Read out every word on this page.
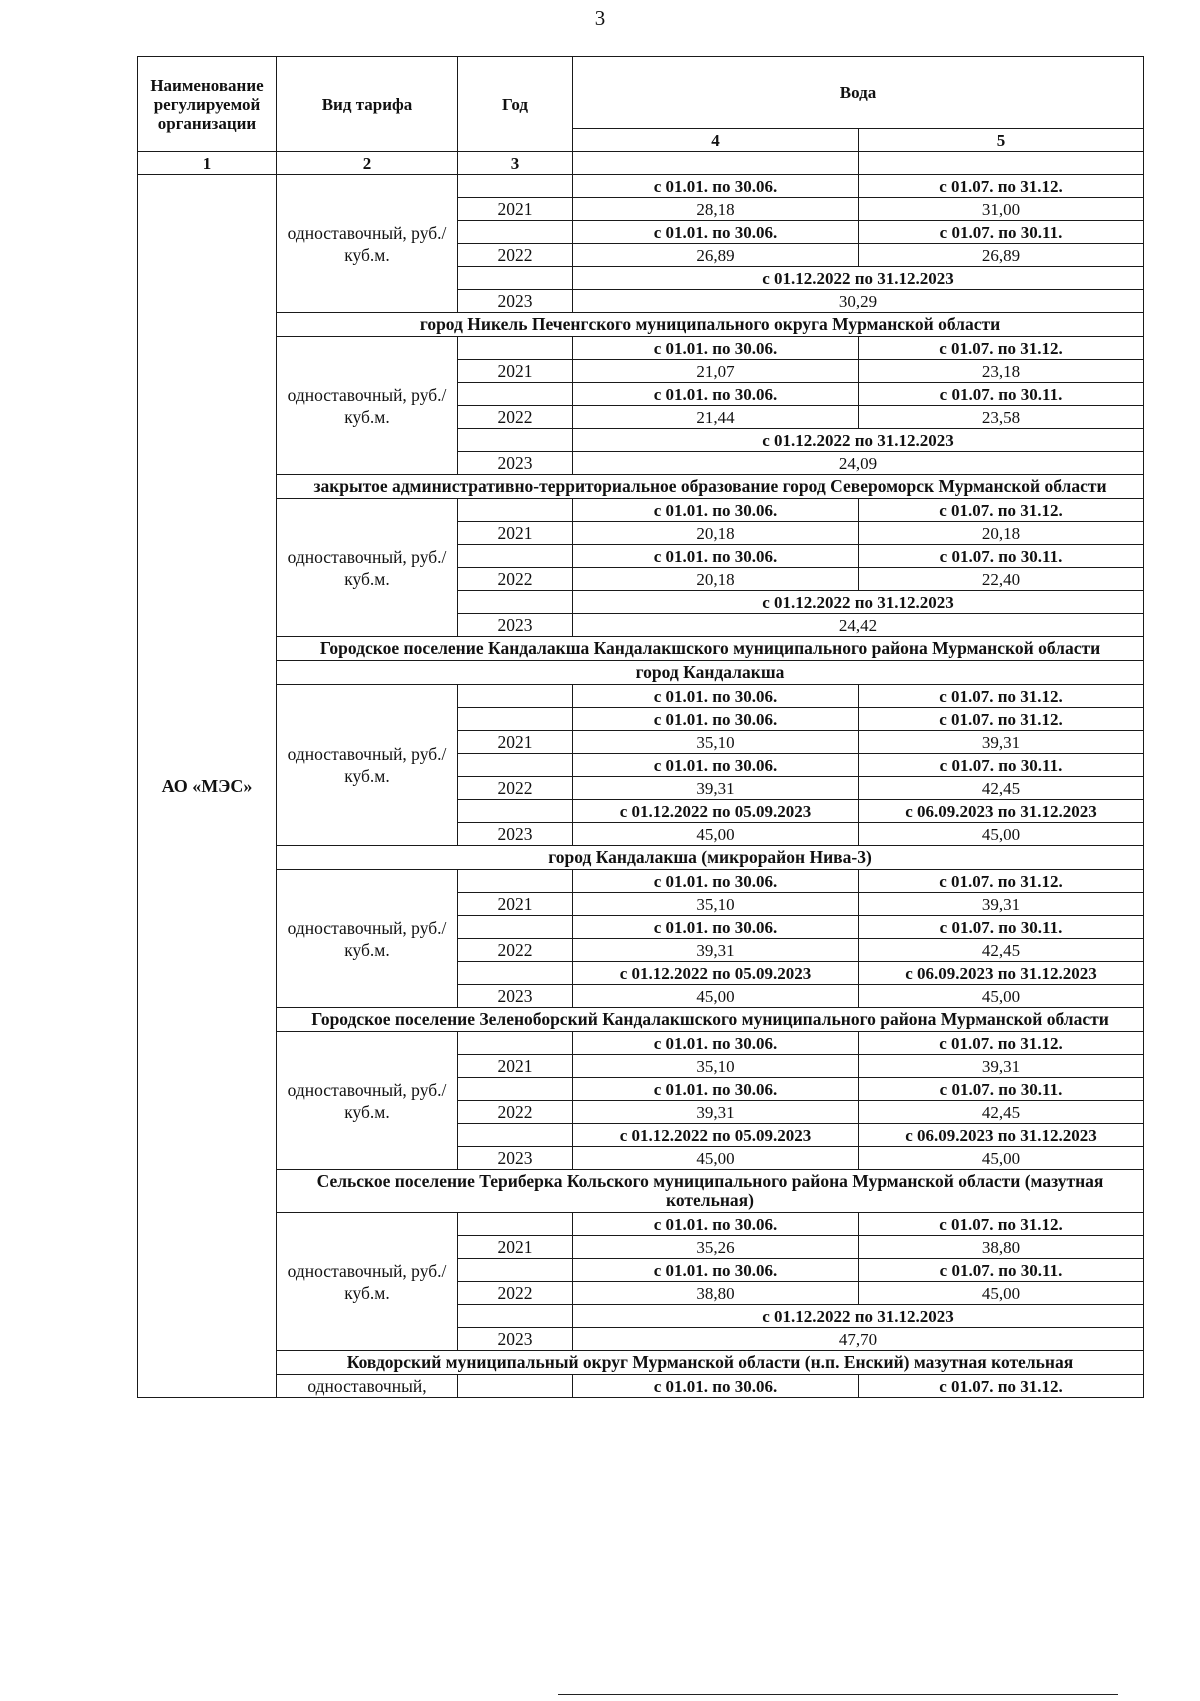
3
Наименование регулируемой организации	Вид тарифа	Год	Вода	
			4	5
1	2	3		
АО «МЭС»	одноставочный, руб./куб.м.		с 01.01. по 30.06.	с 01.07. по 31.12.
		2021	28,18	31,00
			с 01.01. по 30.06.	с 01.07. по 30.11.
		2022	26,89	26,89
			с 01.12.2022 по 31.12.2023	
		2023	30,29	
	город Никель Печенгского муниципального округа Мурманской области			
	одноставочный, руб./куб.м.		с 01.01. по 30.06.	с 01.07. по 31.12.
		2021	21,07	23,18
			с 01.01. по 30.06.	с 01.07. по 30.11.
		2022	21,44	23,58
			с 01.12.2022 по 31.12.2023	
		2023	24,09	
	закрытое административно-территориальное образование город Североморск Мурманской области			
	одноставочный, руб./куб.м.		с 01.01. по 30.06.	с 01.07. по 31.12.
		2021	20,18	20,18
			с 01.01. по 30.06.	с 01.07. по 30.11.
		2022	20,18	22,40
			с 01.12.2022 по 31.12.2023	
		2023	24,42	
	Городское поселение Кандалакша Кандалакшского муниципального района Мурманской области			
	город Кандалакша			
	одноставочный, руб./куб.м.		с 01.01. по 30.06.	с 01.07. по 31.12.
			с 01.01. по 30.06.	с 01.07. по 31.12.
		2021	35,10	39,31
			с 01.01. по 30.06.	с 01.07. по 30.11.
		2022	39,31	42,45
			с 01.12.2022 по 05.09.2023	с 06.09.2023 по 31.12.2023
		2023	45,00	45,00
	город Кандалакша (микрорайон Нива-3)			
	одноставочный, руб./куб.м.		с 01.01. по 30.06.	с 01.07. по 31.12.
		2021	35,10	39,31
			с 01.01. по 30.06.	с 01.07. по 30.11.
		2022	39,31	42,45
			с 01.12.2022 по 05.09.2023	с 06.09.2023 по 31.12.2023
		2023	45,00	45,00
	Городское поселение Зеленоборский Кандалакшского муниципального района Мурманской области			
	одноставочный, руб./куб.м.		с 01.01. по 30.06.	с 01.07. по 31.12.
		2021	35,10	39,31
			с 01.01. по 30.06.	с 01.07. по 30.11.
		2022	39,31	42,45
			с 01.12.2022 по 05.09.2023	с 06.09.2023 по 31.12.2023
		2023	45,00	45,00
	Сельское поселение Териберка Кольского муниципального района Мурманской области (мазутная котельная)			
	одноставочный, руб./куб.м.		с 01.01. по 30.06.	с 01.07. по 31.12.
		2021	35,26	38,80
			с 01.01. по 30.06.	с 01.07. по 30.11.
		2022	38,80	45,00
			с 01.12.2022 по 31.12.2023	
		2023	47,70	
	Ковдорский муниципальный округ Мурманской области (н.п. Енский) мазутная котельная			
	одноставочный,		с 01.01. по 30.06.	с 01.07. по 31.12.
